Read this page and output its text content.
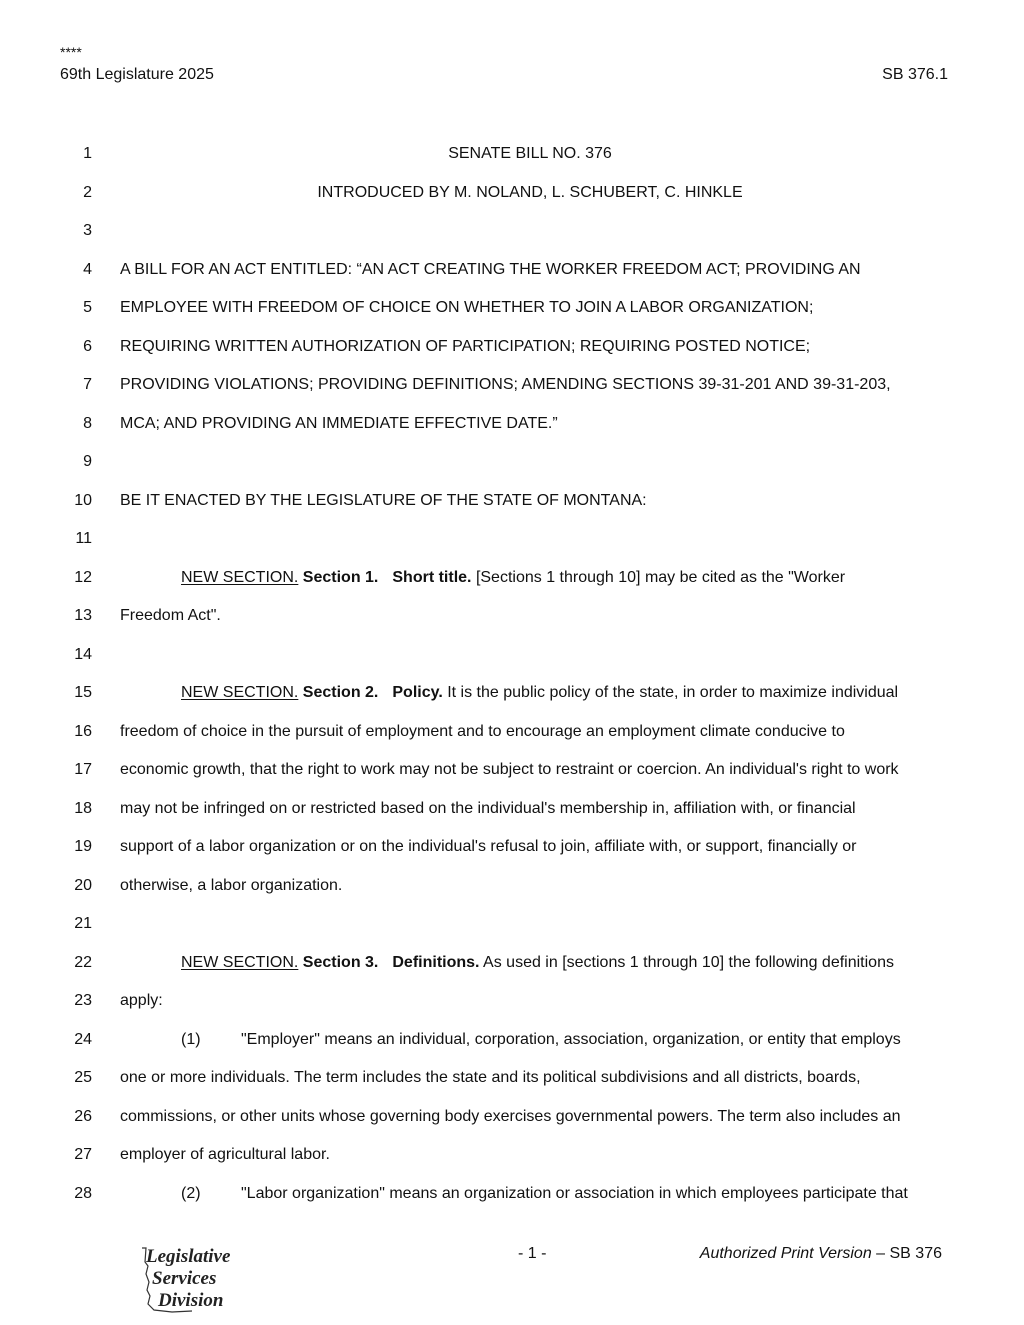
****
69th Legislature 2025	SB 376.1
1	SENATE BILL NO. 376
2	INTRODUCED BY M. NOLAND, L. SCHUBERT, C. HINKLE
3
4 A BILL FOR AN ACT ENTITLED: “AN ACT CREATING THE WORKER FREEDOM ACT; PROVIDING AN
5 EMPLOYEE WITH FREEDOM OF CHOICE ON WHETHER TO JOIN A LABOR ORGANIZATION;
6 REQUIRING WRITTEN AUTHORIZATION OF PARTICIPATION; REQUIRING POSTED NOTICE;
7 PROVIDING VIOLATIONS; PROVIDING DEFINITIONS; AMENDING SECTIONS 39-31-201 AND 39-31-203,
8 MCA; AND PROVIDING AN IMMEDIATE EFFECTIVE DATE.”
9
10 BE IT ENACTED BY THE LEGISLATURE OF THE STATE OF MONTANA:
11
12	NEW SECTION. Section 1. Short title. [Sections 1 through 10] may be cited as the "Worker
13 Freedom Act".
14
15	NEW SECTION. Section 2. Policy. It is the public policy of the state, in order to maximize individual
16 freedom of choice in the pursuit of employment and to encourage an employment climate conducive to
17 economic growth, that the right to work may not be subject to restraint or coercion. An individual's right to work
18 may not be infringed on or restricted based on the individual's membership in, affiliation with, or financial
19 support of a labor organization or on the individual's refusal to join, affiliate with, or support, financially or
20 otherwise, a labor organization.
21
22	NEW SECTION. Section 3. Definitions. As used in [sections 1 through 10] the following definitions
23 apply:
24	(1)	"Employer" means an individual, corporation, association, organization, or entity that employs
25 one or more individuals. The term includes the state and its political subdivisions and all districts, boards,
26 commissions, or other units whose governing body exercises governmental powers. The term also includes an
27 employer of agricultural labor.
28	(2)	"Labor organization" means an organization or association in which employees participate that
Legislative
Services
Division
- 1 -	Authorized Print Version – SB 376
